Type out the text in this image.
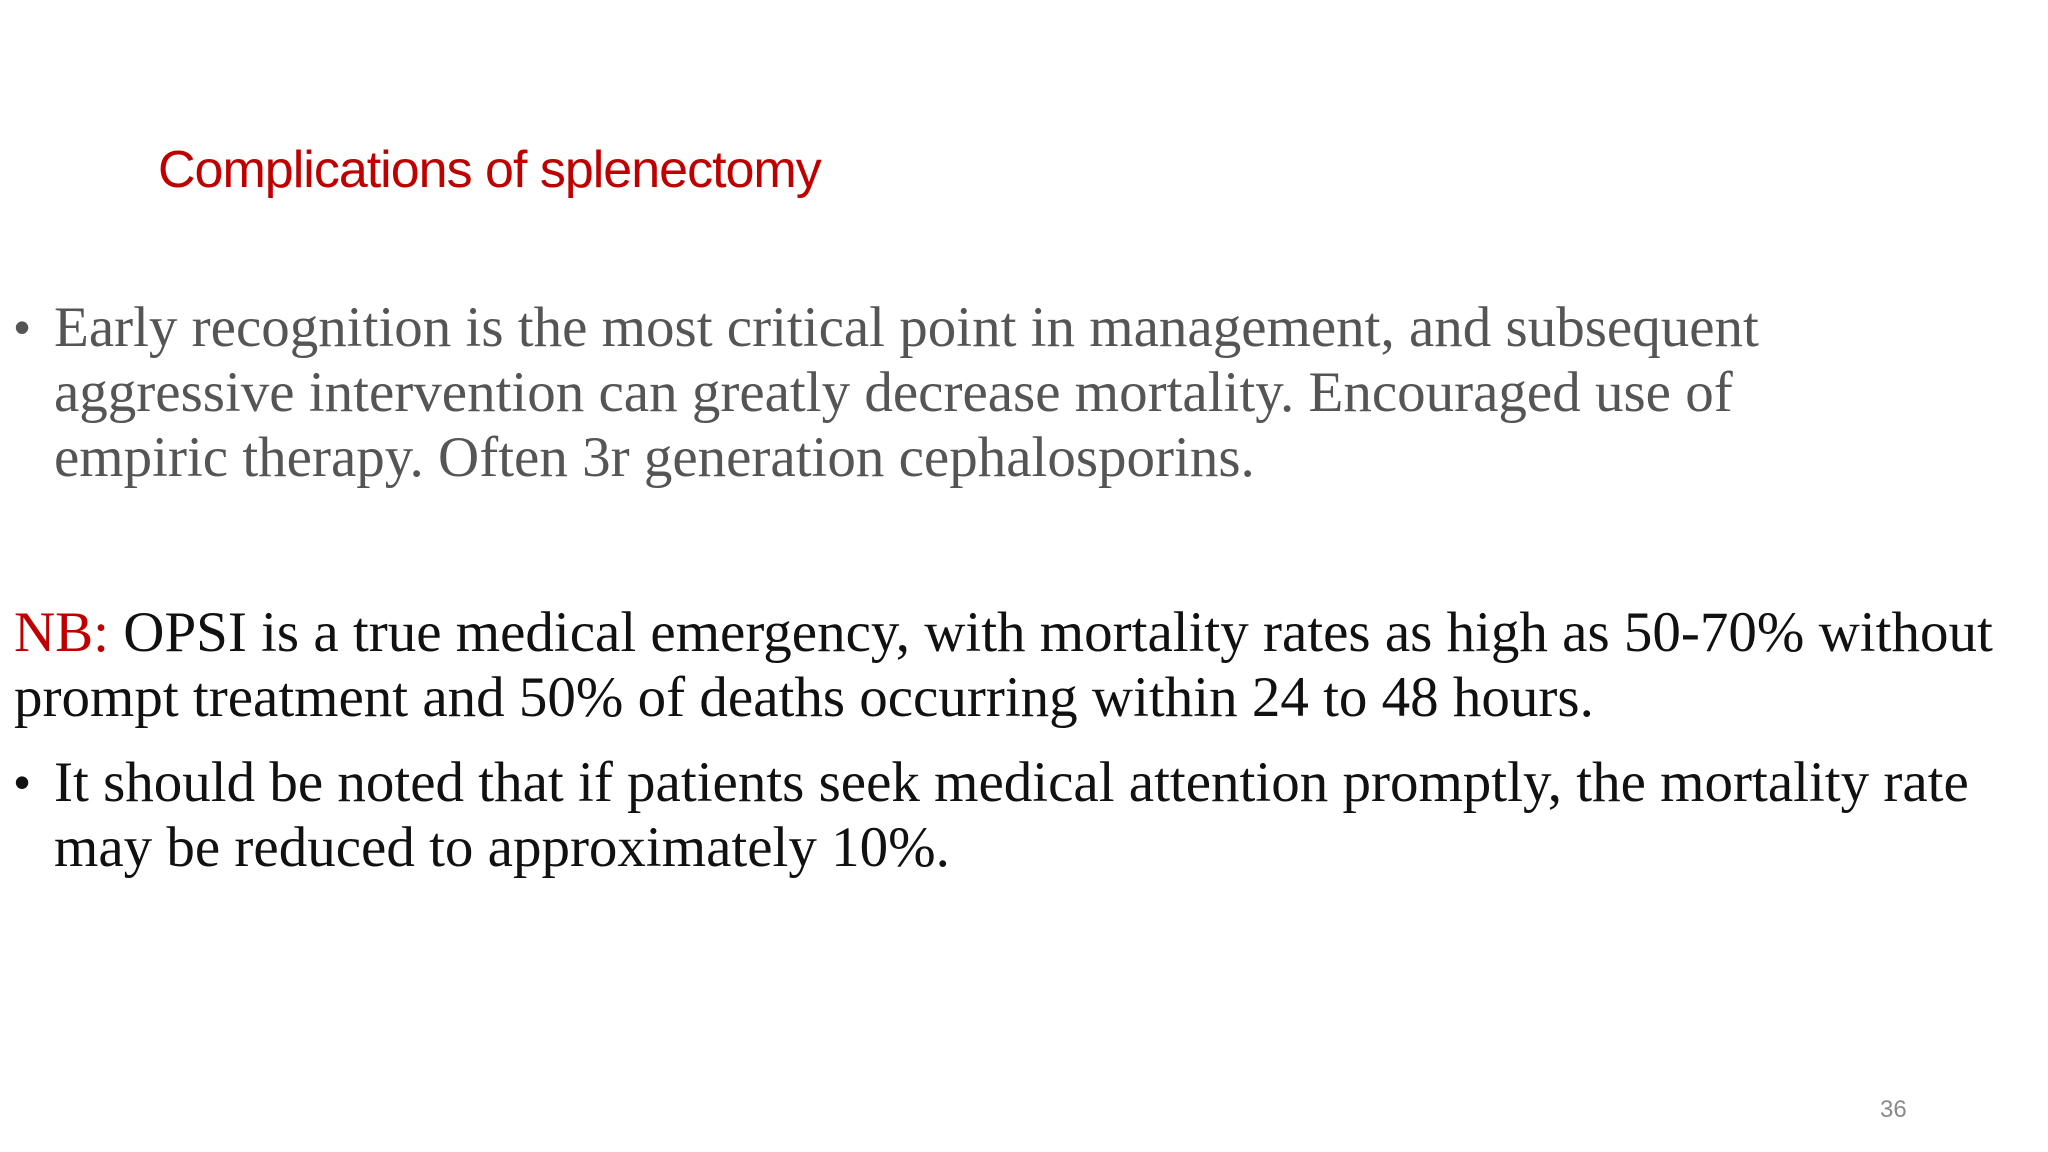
Complications of splenectomy
• Early recognition is the most critical point in management, and subsequent aggressive intervention can greatly decrease mortality. Encouraged use of empiric therapy. Often 3r generation cephalosporins.
NB: OPSI is a true medical emergency, with mortality rates as high as 50-70% without prompt treatment and 50% of deaths occurring within 24 to 48 hours.
• It should be noted that if patients seek medical attention promptly, the mortality rate may be reduced to approximately 10%.
36
